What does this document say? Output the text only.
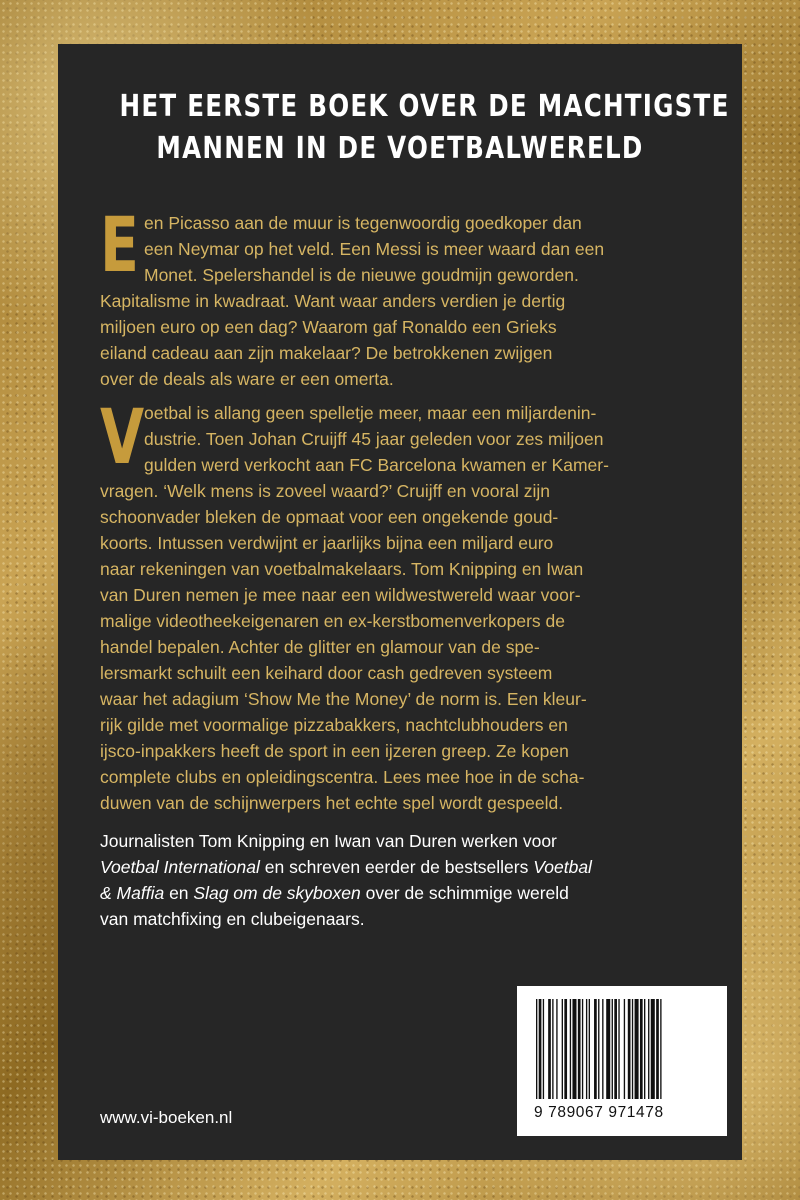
HET EERSTE BOEK OVER DE MACHTIGSTE
MANNEN IN DE VOETBALWERELD

E en Picasso aan de muur is tegenwoordig goedkoper dan
een Neymar op het veld. Een Messi is meer waard dan een
Monet. Spelershandel is de nieuwe goudmijn geworden.
Kapitalisme in kwadraat. Want waar anders verdien je dertig
miljoen euro op een dag? Waarom gaf Ronaldo een Grieks
eiland cadeau aan zijn makelaar? De betrokkenen zwijgen
over de deals als ware er een omerta.

V oetbal is allang geen spelletje meer, maar een miljardenin-
dustrie. Toen Johan Cruijff 45 jaar geleden voor zes miljoen
gulden werd verkocht aan FC Barcelona kwamen er Kamer-
vragen. ‘Welk mens is zoveel waard?’ Cruijff en vooral zijn
schoonvader bleken de opmaat voor een ongekende goud-
koorts. Intussen verdwijnt er jaarlijks bijna een miljard euro
naar rekeningen van voetbalmakelaars. Tom Knipping en Iwan
van Duren nemen je mee naar een wildwestwereld waar voor-
malige videotheekeigenaren en ex-kerstbomenverkopers de
handel bepalen. Achter de glitter en glamour van de spe-
lersmarkt schuilt een keihard door cash gedreven systeem
waar het adagium ‘Show Me the Money’ de norm is. Een kleur-
rijk gilde met voormalige pizzabakkers, nachtclubhouders en
ijsco-inpakkers heeft de sport in een ijzeren greep. Ze kopen
complete clubs en opleidingscentra. Lees mee hoe in de scha-
duwen van de schijnwerpers het echte spel wordt gespeeld.

Journalisten Tom Knipping en Iwan van Duren werken voor
Voetbal International en schreven eerder de bestsellers Voetbal
& Maffia en Slag om de skyboxen over de schimmige wereld
van matchfixing en clubeigenaars.

www.vi-boeken.nl	9 789067 971478
